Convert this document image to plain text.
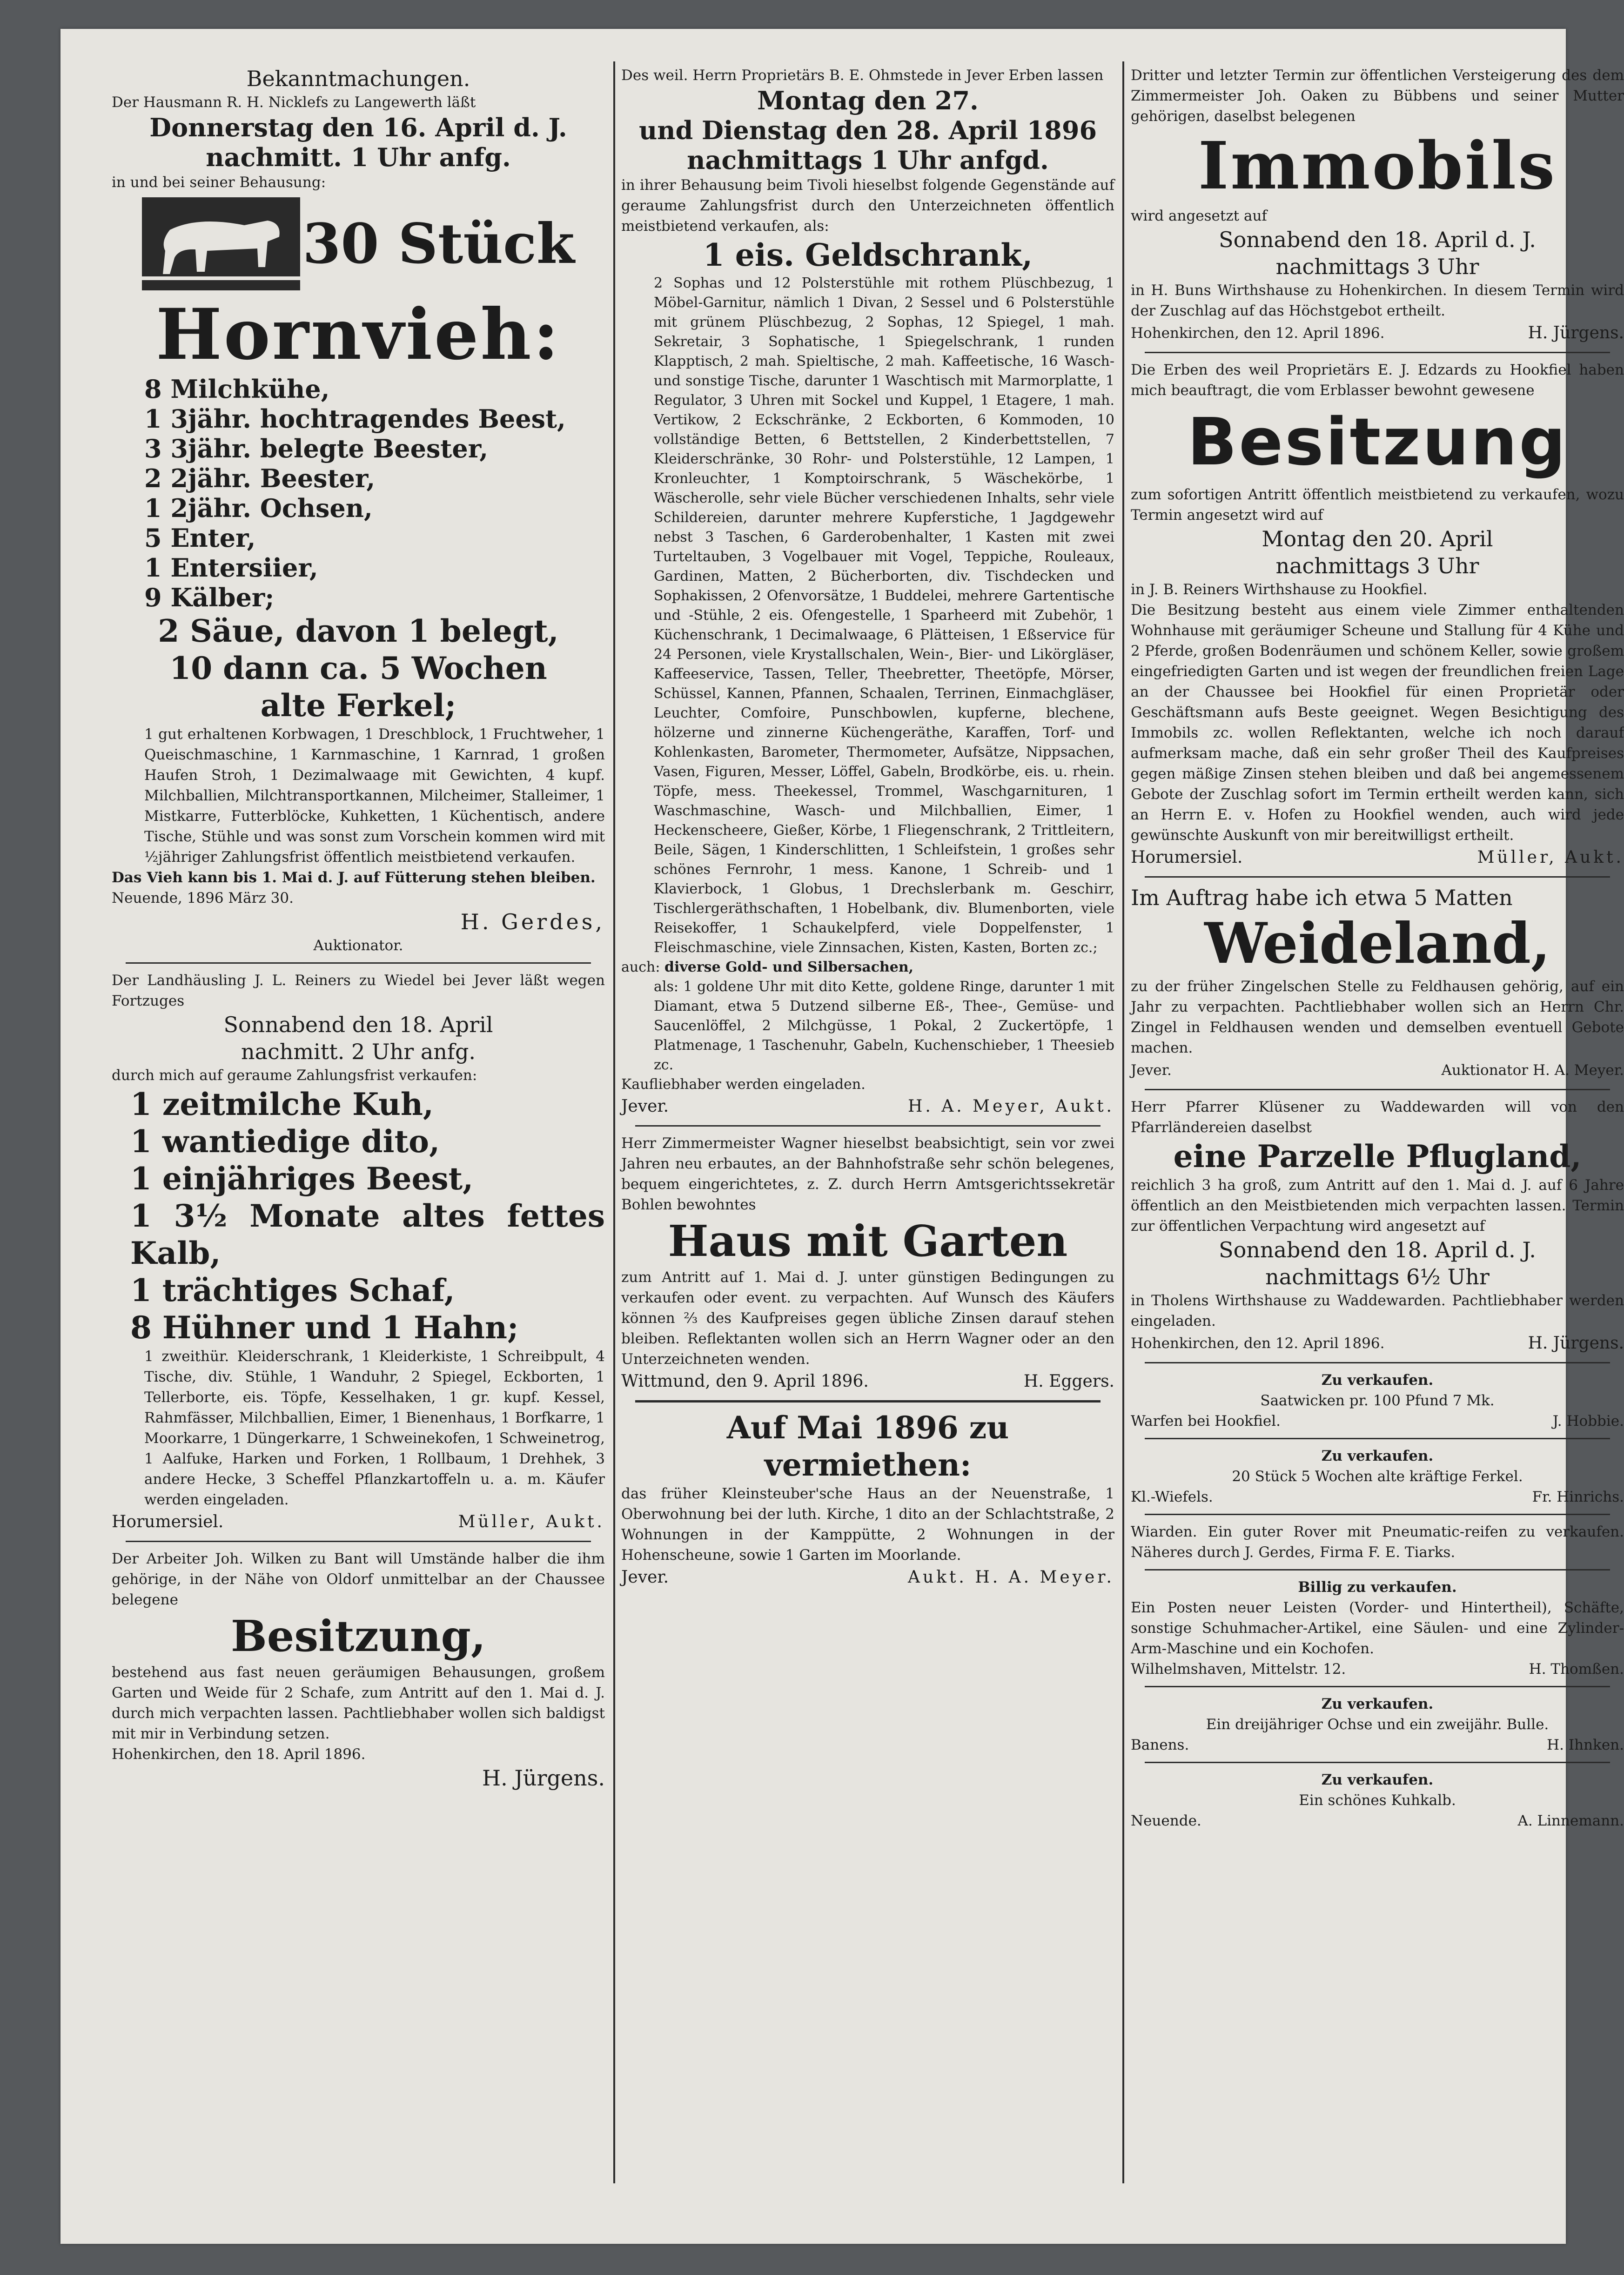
Bekanntmachungen.

Der Hausmann R. H. Nicklefs zu Langewerth läßt

Donnerstag den 16. April d. J.

nachmitt. 1 Uhr anfg.

in und bei seiner Behausung:

30 Stück

Hornvieh:

8 Milchkühe,

1 3jähr. hochtragendes Beest,

3 3jähr. belegte Beester,

2 2jähr. Beester,

1 2jähr. Ochsen,

5 Enter,

1 Entersiier,

9 Kälber;

2 Säue, davon 1 belegt,

10 dann ca. 5 Wochen

alte Ferkel;

1 gut erhaltenen Korbwagen, 1 Dreschblock, 1 Fruchtweher, 1 Queischmaschine, 1 Karnmaschine, 1 Karnrad, 1 großen Haufen Stroh, 1 Dezimalwaage mit Gewichten, 4 kupf. Milchballien, Milchtransportkannen, Milcheimer, Stalleimer, 1 Mistkarre, Futterblöcke, Kuhketten, 1 Küchentisch, andere Tische, Stühle und was sonst zum Vorschein kommen wird mit ½jähriger Zahlungsfrist öffentlich meistbietend verkaufen.

Das Vieh kann bis 1. Mai d. J. auf Fütterung stehen bleiben.

Neuende, 1896 März 30.

H. Gerdes,

Auktionator.

Der Landhäusling J. L. Reiners zu Wiedel bei Jever läßt wegen Fortzuges

Sonnabend den 18. April

nachmitt. 2 Uhr anfg.

durch mich auf geraume Zahlungsfrist verkaufen:

1 zeitmilche Kuh,

1 wantiedige dito,

1 einjähriges Beest,

1 3½ Monate altes fettes Kalb,

1 trächtiges Schaf,

8 Hühner und 1 Hahn;

1 zweithür. Kleiderschrank, 1 Kleiderkiste, 1 Schreibpult, 4 Tische, div. Stühle, 1 Wanduhr, 2 Spiegel, Eckborten, 1 Tellerborte, eis. Töpfe, Kesselhaken, 1 gr. kupf. Kessel, Rahmfässer, Milchballien, Eimer, 1 Bienenhaus, 1 Borfkarre, 1 Moorkarre, 1 Düngerkarre, 1 Schweinekofen, 1 Schweinetrog, 1 Aalfuke, Harken und Forken, 1 Rollbaum, 1 Drehhek, 3 andere Hecke, 3 Scheffel Pflanzkartoffeln u. a. m. Käufer werden eingeladen.

Horumersiel.	Müller, Aukt.

Der Arbeiter Joh. Wilken zu Bant will Umstände halber die ihm gehörige, in der Nähe von Oldorf unmittelbar an der Chaussee belegene

Besitzung,

bestehend aus fast neuen geräumigen Behausungen, großem Garten und Weide für 2 Schafe, zum Antritt auf den 1. Mai d. J. durch mich verpachten lassen. Pachtliebhaber wollen sich baldigst mit mir in Verbindung setzen.

Hohenkirchen, den 18. April 1896.

H. Jürgens.

Des weil. Herrn Proprietärs B. E. Ohmstede in Jever Erben lassen

Montag den 27.

und Dienstag den 28. April 1896

nachmittags 1 Uhr anfgd.

in ihrer Behausung beim Tivoli hieselbst folgende Gegenstände auf geraume Zahlungsfrist durch den Unterzeichneten öffentlich meistbietend verkaufen, als:

1 eis. Geldschrank,

2 Sophas und 12 Polsterstühle mit rothem Plüschbezug, 1 Möbel-Garnitur, nämlich 1 Divan, 2 Sessel und 6 Polsterstühle mit grünem Plüschbezug, 2 Sophas, 12 Spiegel, 1 mah. Sekretair, 3 Sophatische, 1 Spiegelschrank, 1 runden Klapptisch, 2 mah. Spieltische, 2 mah. Kaffeetische, 16 Wasch- und sonstige Tische, darunter 1 Waschtisch mit Marmorplatte, 1 Regulator, 3 Uhren mit Sockel und Kuppel, 1 Etagere, 1 mah. Vertikow, 2 Eckschränke, 2 Eckborten, 6 Kommoden, 10 vollständige Betten, 6 Bettstellen, 2 Kinderbettstellen, 7 Kleiderschränke, 30 Rohr- und Polsterstühle, 12 Lampen, 1 Kronleuchter, 1 Komptoirschrank, 5 Wäschekörbe, 1 Wäscherolle, sehr viele Bücher verschiedenen Inhalts, sehr viele Schildereien, darunter mehrere Kupferstiche, 1 Jagdgewehr nebst 3 Taschen, 6 Garderobenhalter, 1 Kasten mit zwei Turteltauben, 3 Vogelbauer mit Vogel, Teppiche, Rouleaux, Gardinen, Matten, 2 Bücherborten, div. Tischdecken und Sophakissen, 2 Ofenvorsätze, 1 Buddelei, mehrere Gartentische und -Stühle, 2 eis. Ofengestelle, 1 Sparheerd mit Zubehör, 1 Küchenschrank, 1 Decimalwaage, 6 Plätteisen, 1 Eßservice für 24 Personen, viele Krystallschalen, Wein-, Bier- und Likörgläser, Kaffeeservice, Tassen, Teller, Theebretter, Theetöpfe, Mörser, Schüssel, Kannen, Pfannen, Schaalen, Terrinen, Einmachgläser, Leuchter, Comfoire, Punschbowlen, kupferne, blechene, hölzerne und zinnerne Küchengeräthe, Karaffen, Torf- und Kohlenkasten, Barometer, Thermometer, Aufsätze, Nippsachen, Vasen, Figuren, Messer, Löffel, Gabeln, Brodkörbe, eis. u. rhein. Töpfe, mess. Theekessel, Trommel, Waschgarnituren, 1 Waschmaschine, Wasch- und Milchballien, Eimer, 1 Heckenscheere, Gießer, Körbe, 1 Fliegenschrank, 2 Trittleitern, Beile, Sägen, 1 Kinderschlitten, 1 Schleifstein, 1 großes sehr schönes Fernrohr, 1 mess. Kanone, 1 Schreib- und 1 Klavierbock, 1 Globus, 1 Drechslerbank m. Geschirr, Tischlergeräthschaften, 1 Hobelbank, div. Blumenborten, viele Reisekoffer, 1 Schaukelpferd, viele Doppelfenster, 1 Fleischmaschine, viele Zinnsachen, Kisten, Kasten, Borten zc.;

auch: diverse Gold- und Silbersachen,

als: 1 goldene Uhr mit dito Kette, goldene Ringe, darunter 1 mit Diamant, etwa 5 Dutzend silberne Eß-, Thee-, Gemüse- und Saucenlöffel, 2 Milchgüsse, 1 Pokal, 2 Zuckertöpfe, 1 Platmenage, 1 Taschenuhr, Gabeln, Kuchenschieber, 1 Theesieb zc.

Kaufliebhaber werden eingeladen.

Jever.	H. A. Meyer, Aukt.

Herr Zimmermeister Wagner hieselbst beabsichtigt, sein vor zwei Jahren neu erbautes, an der Bahnhofstraße sehr schön belegenes, bequem eingerichtetes, z. Z. durch Herrn Amtsgerichtssekretär Bohlen bewohntes

Haus mit Garten

zum Antritt auf 1. Mai d. J. unter günstigen Bedingungen zu verkaufen oder event. zu verpachten. Auf Wunsch des Käufers können ⅔ des Kaufpreises gegen übliche Zinsen darauf stehen bleiben. Reflektanten wollen sich an Herrn Wagner oder an den Unterzeichneten wenden.

Wittmund, den 9. April 1896.	H. Eggers.

Auf Mai 1896 zu vermiethen:

das früher Kleinsteuber'sche Haus an der Neuenstraße, 1 Oberwohnung bei der luth. Kirche, 1 dito an der Schlachtstraße, 2 Wohnungen in der Kamppütte, 2 Wohnungen in der Hohenscheune, sowie 1 Garten im Moorlande.

Jever.	Aukt. H. A. Meyer.

Dritter und letzter Termin zur öffentlichen Versteigerung des dem Zimmermeister Joh. Oaken zu Bübbens und seiner Mutter gehörigen, daselbst belegenen

Immobils

wird angesetzt auf

Sonnabend den 18. April d. J.

nachmittags 3 Uhr

in H. Buns Wirthshause zu Hohenkirchen. In diesem Termin wird der Zuschlag auf das Höchstgebot ertheilt.

Hohenkirchen, den 12. April 1896.	H. Jürgens.

Die Erben des weil Proprietärs E. J. Edzards zu Hookfiel haben mich beauftragt, die vom Erblasser bewohnt gewesene

Besitzung

zum sofortigen Antritt öffentlich meistbietend zu verkaufen, wozu Termin angesetzt wird auf

Montag den 20. April

nachmittags 3 Uhr

in J. B. Reiners Wirthshause zu Hookfiel.

Die Besitzung besteht aus einem viele Zimmer enthaltenden Wohnhause mit geräumiger Scheune und Stallung für 4 Kühe und 2 Pferde, großen Bodenräumen und schönem Keller, sowie großem eingefriedigten Garten und ist wegen der freundlichen freien Lage an der Chaussee bei Hookfiel für einen Proprietär oder Geschäftsmann aufs Beste geeignet. Wegen Besichtigung des Immobils zc. wollen Reflektanten, welche ich noch darauf aufmerksam mache, daß ein sehr großer Theil des Kaufpreises gegen mäßige Zinsen stehen bleiben und daß bei angemessenem Gebote der Zuschlag sofort im Termin ertheilt werden kann, sich an Herrn E. v. Hofen zu Hookfiel wenden, auch wird jede gewünschte Auskunft von mir bereitwilligst ertheilt.

Horumersiel.	Müller, Aukt.

Im Auftrag habe ich etwa 5 Matten

Weideland,

zu der früher Zingelschen Stelle zu Feldhausen gehörig, auf ein Jahr zu verpachten. Pachtliebhaber wollen sich an Herrn Chr. Zingel in Feldhausen wenden und demselben eventuell Gebote machen.

Jever.	Auktionator H. A. Meyer.

Herr Pfarrer Klüsener zu Waddewarden will von den Pfarrländereien daselbst

eine Parzelle Pflugland,

reichlich 3 ha groß, zum Antritt auf den 1. Mai d. J. auf 6 Jahre öffentlich an den Meistbietenden mich verpachten lassen. Termin zur öffentlichen Verpachtung wird angesetzt auf

Sonnabend den 18. April d. J.

nachmittags 6½ Uhr

in Tholens Wirthshause zu Waddewarden. Pachtliebhaber werden eingeladen.

Hohenkirchen, den 12. April 1896.	H. Jürgens.

Zu verkaufen.

Saatwicken pr. 100 Pfund 7 Mk.

Warfen bei Hookfiel.	J. Hobbie.

Zu verkaufen.

20 Stück 5 Wochen alte kräftige Ferkel.

Kl.-Wiefels.	Fr. Hinrichs.

Wiarden. Ein guter Rover mit Pneumatic-reifen zu verkaufen. Näheres durch J. Gerdes, Firma F. E. Tiarks.

Billig zu verkaufen.

Ein Posten neuer Leisten (Vorder- und Hintertheil), Schäfte, sonstige Schuhmacher-Artikel, eine Säulen- und eine Zylinder-Arm-Maschine und ein Kochofen.

Wilhelmshaven, Mittelstr. 12.	H. Thomßen.

Zu verkaufen.

Ein dreijähriger Ochse und ein zweijähr. Bulle.

Banens.	H. Ihnken.

Zu verkaufen.

Ein schönes Kuhkalb.

Neuende.	A. Linnemann.
